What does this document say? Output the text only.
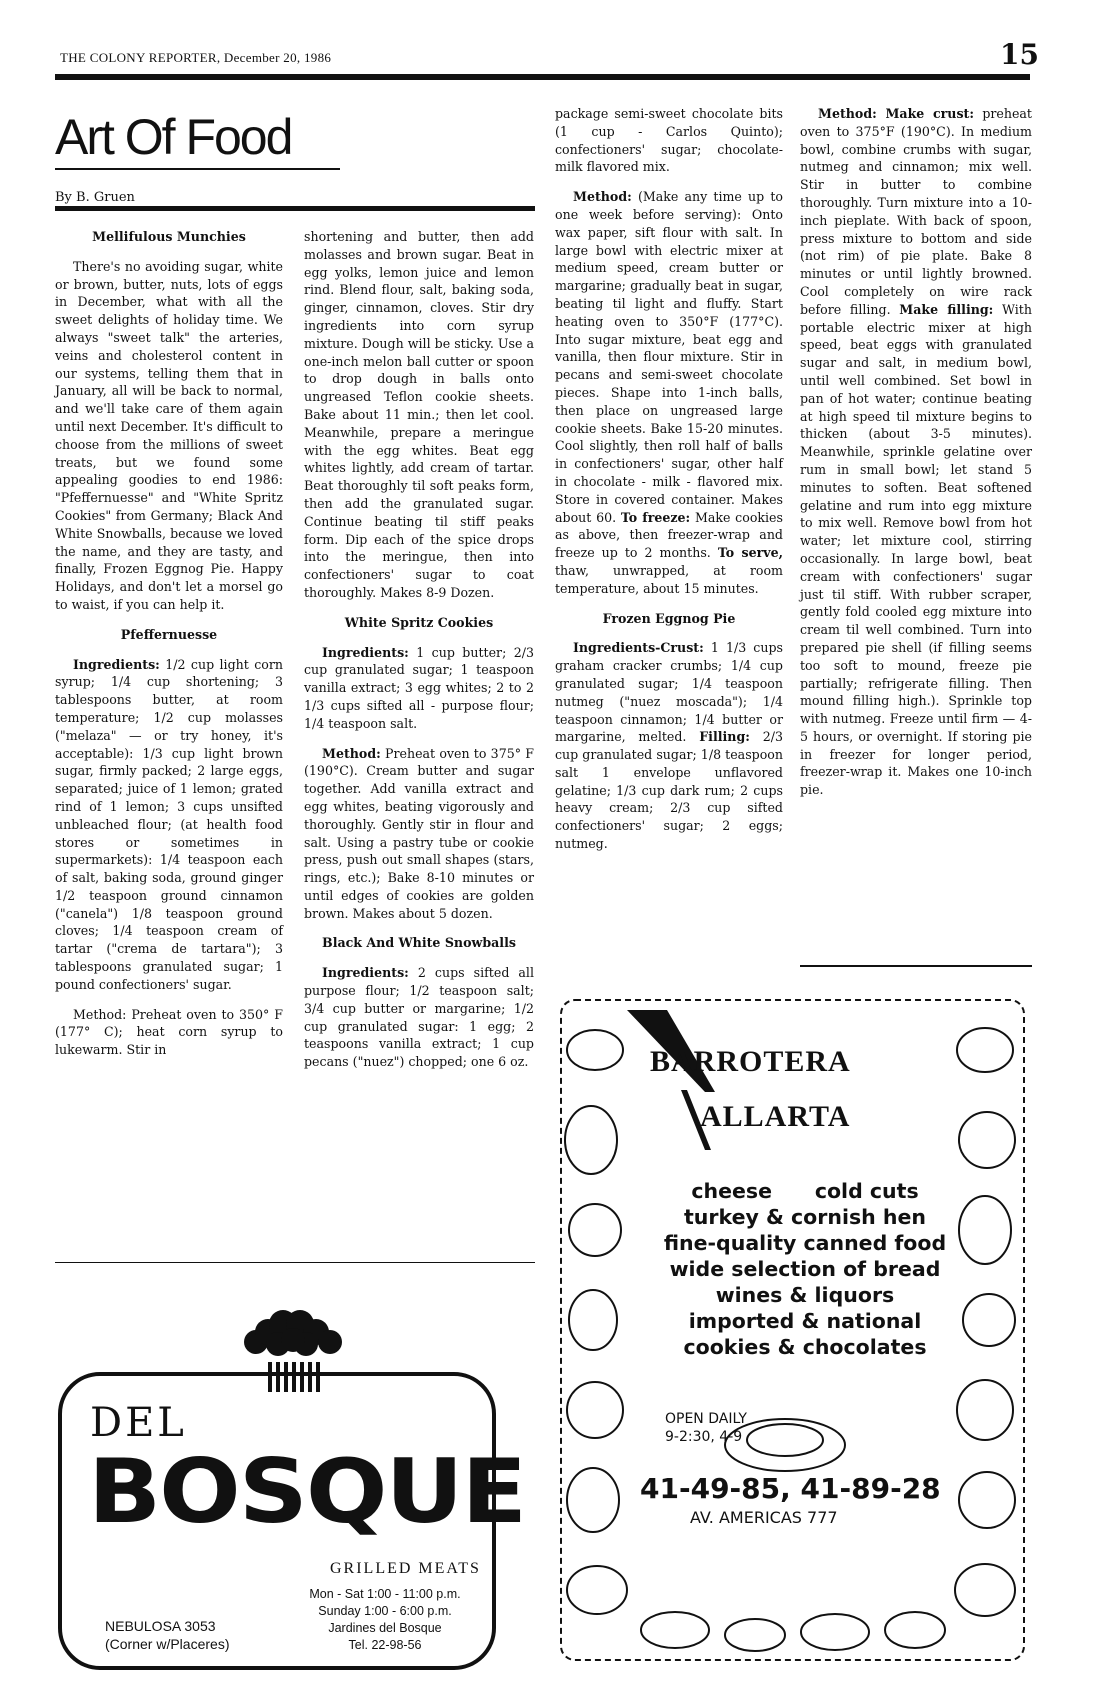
THE COLONY REPORTER, December 20, 1986	15
Art Of Food
By B. Gruen
Mellifulous Munchies

There's no avoiding sugar, white or brown, butter, nuts, lots of eggs in December, what with all the sweet delights of holiday time. We always "sweet talk" the arteries, veins and cholesterol content in our systems, telling them that in January, all will be back to normal, and we'll take care of them again until next December. It's difficult to choose from the millions of sweet treats, but we found some appealing goodies to end 1986: "Pfeffernuesse" and "White Spritz Cookies" from Germany; Black And White Snowballs, because we loved the name, and they are tasty, and finally, Frozen Eggnog Pie. Happy Holidays, and don't let a morsel go to waist, if you can help it.

Pfeffernuesse

Ingredients: 1/2 cup light corn syrup; 1/4 cup shortening; 3 tablespoons butter, at room temperature; 1/2 cup molasses ("melaza" — or try honey, it's acceptable): 1/3 cup light brown sugar, firmly packed; 2 large eggs, separated; juice of 1 lemon; grated rind of 1 lemon; 3 cups unsifted unbleached flour; (at health food stores or sometimes in supermarkets): 1/4 teaspoon each of salt, baking soda, ground ginger 1/2 teaspoon ground cinnamon ("canela") 1/8 teaspoon ground cloves; 1/4 teaspoon cream of tartar ("crema de tartara"); 3 tablespoons granulated sugar; 1 pound confectioners' sugar.

Method: Preheat oven to 350° F (177° C); heat corn syrup to lukewarm. Stir in

shortening and butter, then add molasses and brown sugar. Beat in egg yolks, lemon juice and lemon rind. Blend flour, salt, baking soda, ginger, cinnamon, cloves. Stir dry ingredients into corn syrup mixture. Dough will be sticky. Use a one-inch melon ball cutter or spoon to drop dough in balls onto ungreased Teflon cookie sheets. Bake about 11 min.; then let cool. Meanwhile, prepare a meringue with the egg whites. Beat egg whites lightly, add cream of tartar. Beat thoroughly til soft peaks form, then add the granulated sugar. Continue beating til stiff peaks form. Dip each of the spice drops into the meringue, then into confectioners' sugar to coat thoroughly. Makes 8-9 Dozen.

White Spritz Cookies

Ingredients: 1 cup butter; 2/3 cup granulated sugar; 1 teaspoon vanilla extract; 3 egg whites; 2 to 2 1/3 cups sifted all - purpose flour; 1/4 teaspoon salt.

Method: Preheat oven to 375° F (190°C). Cream butter and sugar together. Add vanilla extract and egg whites, beating vigorously and thoroughly. Gently stir in flour and salt. Using a pastry tube or cookie press, push out small shapes (stars, rings, etc.); Bake 8-10 minutes or until edges of cookies are golden brown. Makes about 5 dozen.

Black And White Snowballs

Ingredients: 2 cups sifted all purpose flour; 1/2 teaspoon salt; 3/4 cup butter or margarine; 1/2 cup granulated sugar: 1 egg; 2 teaspoons vanilla extract; 1 cup pecans ("nuez") chopped; one 6 oz.

package semi-sweet chocolate bits (1 cup - Carlos Quinto); confectioners' sugar; chocolate-milk flavored mix.

Method: (Make any time up to one week before serving): Onto wax paper, sift flour with salt. In large bowl with electric mixer at medium speed, cream butter or margarine; gradually beat in sugar, beating til light and fluffy. Start heating oven to 350°F (177°C). Into sugar mixture, beat egg and vanilla, then flour mixture. Stir in pecans and semi-sweet chocolate pieces. Shape into 1-inch balls, then place on ungreased large cookie sheets. Bake 15-20 minutes. Cool slightly, then roll half of balls in confectioners' sugar, other half in chocolate - milk - flavored mix. Store in covered container. Makes about 60. To freeze: Make cookies as above, then freezer-wrap and freeze up to 2 months. To serve, thaw, unwrapped, at room temperature, about 15 minutes.

Frozen Eggnog Pie

Ingredients-Crust: 1 1/3 cups graham cracker crumbs; 1/4 cup granulated sugar; 1/4 teaspoon nutmeg ("nuez moscada"); 1/4 teaspoon cinnamon; 1/4 butter or margarine, melted. Filling: 2/3 cup granulated sugar; 1/8 teaspoon salt 1 envelope unflavored gelatine; 1/3 cup dark rum; 2 cups heavy cream; 2/3 cup sifted confectioners' sugar; 2 eggs; nutmeg.

Method: Make crust: preheat oven to 375°F (190°C). In medium bowl, combine crumbs with sugar, nutmeg and cinnamon; mix well. Stir in butter to combine thoroughly. Turn mixture into a 10-inch pieplate. With back of spoon, press mixture to bottom and side (not rim) of pie plate. Bake 8 minutes or until lightly browned. Cool completely on wire rack before filling. Make filling: With portable electric mixer at high speed, beat eggs with granulated sugar and salt, in medium bowl, until well combined. Set bowl in pan of hot water; continue beating at high speed til mixture begins to thicken (about 3-5 minutes). Meanwhile, sprinkle gelatine over rum in small bowl; let stand 5 minutes to soften. Beat softened gelatine and rum into egg mixture to mix well. Remove bowl from hot water; let mixture cool, stirring occasionally. In large bowl, beat cream with confectioners' sugar just til stiff. With rubber scraper, gently fold cooled egg mixture into cream til well combined. Turn into prepared pie shell (if filling seems too soft to mound, freeze pie partially; refrigerate filling. Then mound filling high.). Sprinkle top with nutmeg. Freeze until firm — 4-5 hours, or overnight. If storing pie in freezer for longer period, freezer-wrap it. Makes one 10-inch pie.

DEL
BOSQUE
GRILLED MEATS
Mon - Sat 1:00 - 11:00 p.m.
Sunday 1:00 - 6:00 p.m.
Jardines del Bosque
Tel. 22-98-56
NEBULOSA 3053
(Corner w/Placeres)
BARROTERA
ALLARTA
cheese      cold cuts
turkey & cornish hen
fine-quality canned food
wide selection of bread
wines & liquors
imported & national
cookies & chocolates
OPEN DAILY
9-2:30, 4-9
41-49-85, 41-89-28
AV. AMERICAS 777
